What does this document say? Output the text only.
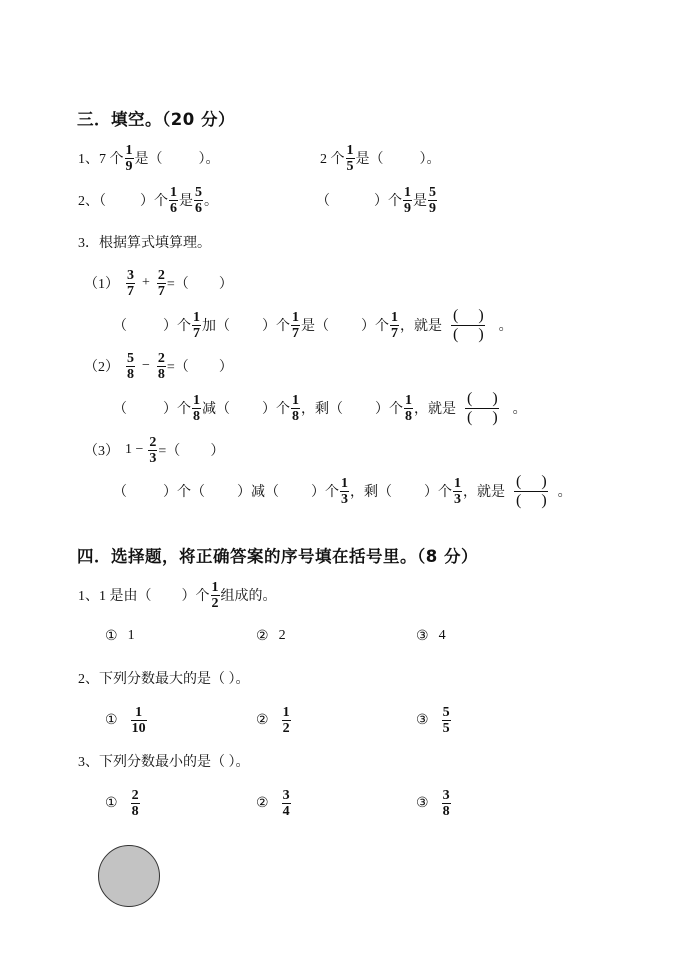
三．填空。（20 分）
1、7 个 $\frac{1}{9}$ 是（	）。	2 个 $\frac{1}{5}$ 是（	）。
2、（ ）个 $\frac{1}{6}$ 是 $\frac{5}{6}$ 。	（	）个 $\frac{1}{9}$ 是 $\frac{5}{9}$
3．根据算式填算理。
$(1) \frac{3}{7} + \frac{2}{7}$ =（ ）
（	）个 $\frac{1}{7}$ 加（ ）个 $\frac{1}{7}$ 是（ ）个 $\frac{1}{7}$ ，就是
( )
( ) 。
$(2) \frac{5}{8} - \frac{2}{8}$ =（ ）
（	）个 $\frac{1}{8}$ 减（ ）个 $\frac{1}{8}$ ，剩（ ）个 $\frac{1}{8}$ ，就是
( )
( ) 。
（3） $1 - \frac{2}{3}$ =（ ）
（	）个（ ）减（ ）个 $\frac{1}{3}$ ，剩（ ）个 $\frac{1}{3}$ ，就是
( )
( ) 。
四．选择题，将正确答案的序号填在括号里。（8 分）
1、1 是由（ ）个 $\frac{1}{2}$ 组成的。
① 1	② 2	③ 4
2、下列分数最大的是（ ）。
① $\frac{1}{10}$	② $\frac{1}{2}$	③ $\frac{5}{5}$
3、下列分数最小的是（ ）。
① $\frac{2}{8}$	② $\frac{3}{4}$	③ $\frac{3}{8}$
